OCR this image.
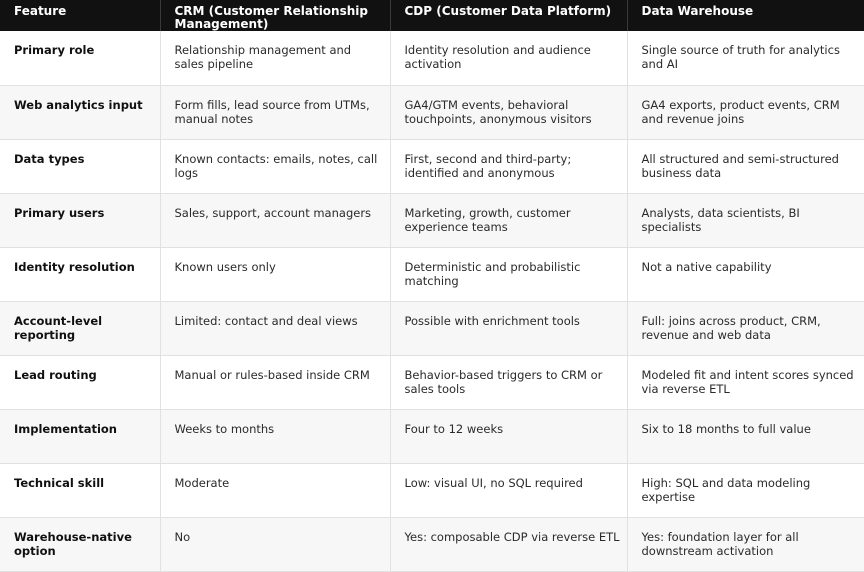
Feature	CRM (Customer Relationship Management)	CDP (Customer Data Platform)	Data Warehouse
Primary role	Relationship management and sales pipeline	Identity resolution and audience activation	Single source of truth for analytics and AI
Web analytics input	Form fills, lead source from UTMs, manual notes	GA4/GTM events, behavioral touchpoints, anonymous visitors	GA4 exports, product events, CRM and revenue joins
Data types	Known contacts: emails, notes, call logs	First, second and third-party; identified and anonymous	All structured and semi-structured business data
Primary users	Sales, support, account managers	Marketing, growth, customer experience teams	Analysts, data scientists, BI specialists
Identity resolution	Known users only	Deterministic and probabilistic matching	Not a native capability
Account-level reporting	Limited: contact and deal views	Possible with enrichment tools	Full: joins across product, CRM, revenue and web data
Lead routing	Manual or rules-based inside CRM	Behavior-based triggers to CRM or sales tools	Modeled fit and intent scores synced via reverse ETL
Implementation	Weeks to months	Four to 12 weeks	Six to 18 months to full value
Technical skill	Moderate	Low: visual UI, no SQL required	High: SQL and data modeling expertise
Warehouse-native option	No	Yes: composable CDP via reverse ETL	Yes: foundation layer for all downstream activation
